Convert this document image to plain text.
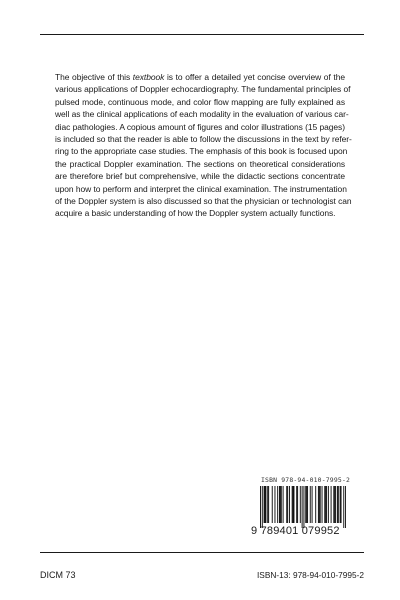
The objective of this textbook is to offer a detailed yet concise overview of the
various applications of Doppler echocardiography. The fundamental principles of
pulsed mode, continuous mode, and color flow mapping are fully explained as
well as the clinical applications of each modality in the evaluation of various car-
diac pathologies. A copious amount of figures and color illustrations (15 pages)
is included so that the reader is able to follow the discussions in the text by refer-
ring to the appropriate case studies. The emphasis of this book is focused upon
the practical Doppler examination. The sections on theoretical considerations
are therefore brief but comprehensive, while the didactic sections concentrate
upon how to perform and interpret the clinical examination. The instrumentation
of the Doppler system is also discussed so that the physician or technologist can
acquire a basic understanding of how the Doppler system actually functions.
ISBN 978-94-010-7995-2
9 789401 079952
DICM 73	ISBN-13: 978-94-010-7995-2
